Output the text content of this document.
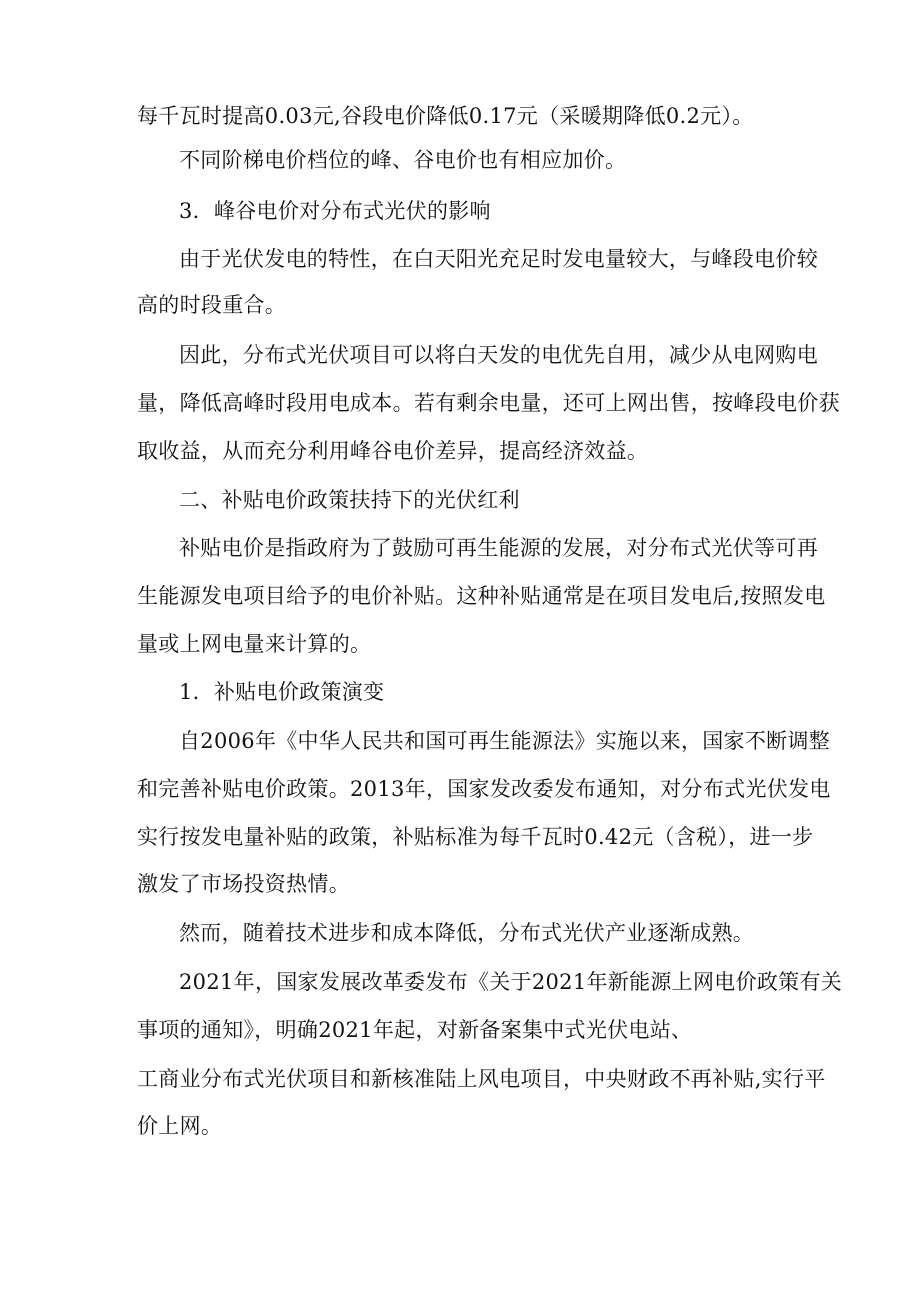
每千瓦时提高0.03元,谷段电价降低0.17元（采暖期降低0.2元）。
不同阶梯电价档位的峰、谷电价也有相应加价。
3．峰谷电价对分布式光伏的影响
由于光伏发电的特性，在白天阳光充足时发电量较大，与峰段电价较
高的时段重合。
因此，分布式光伏项目可以将白天发的电优先自用，减少从电网购电
量，降低高峰时段用电成本。若有剩余电量，还可上网出售，按峰段电价获
取收益，从而充分利用峰谷电价差异，提高经济效益。
二、补贴电价政策扶持下的光伏红利
补贴电价是指政府为了鼓励可再生能源的发展，对分布式光伏等可再
生能源发电项目给予的电价补贴。这种补贴通常是在项目发电后,按照发电
量或上网电量来计算的。
1．补贴电价政策演变
自2006年《中华人民共和国可再生能源法》实施以来，国家不断调整
和完善补贴电价政策。2013年，国家发改委发布通知，对分布式光伏发电
实行按发电量补贴的政策，补贴标准为每千瓦时0.42元（含税），进一步
激发了市场投资热情。
然而，随着技术进步和成本降低，分布式光伏产业逐渐成熟。
2021年，国家发展改革委发布《关于2021年新能源上网电价政策有关
事项的通知》，明确2021年起，对新备案集中式光伏电站、
工商业分布式光伏项目和新核准陆上风电项目，中央财政不再补贴,实行平
价上网。
